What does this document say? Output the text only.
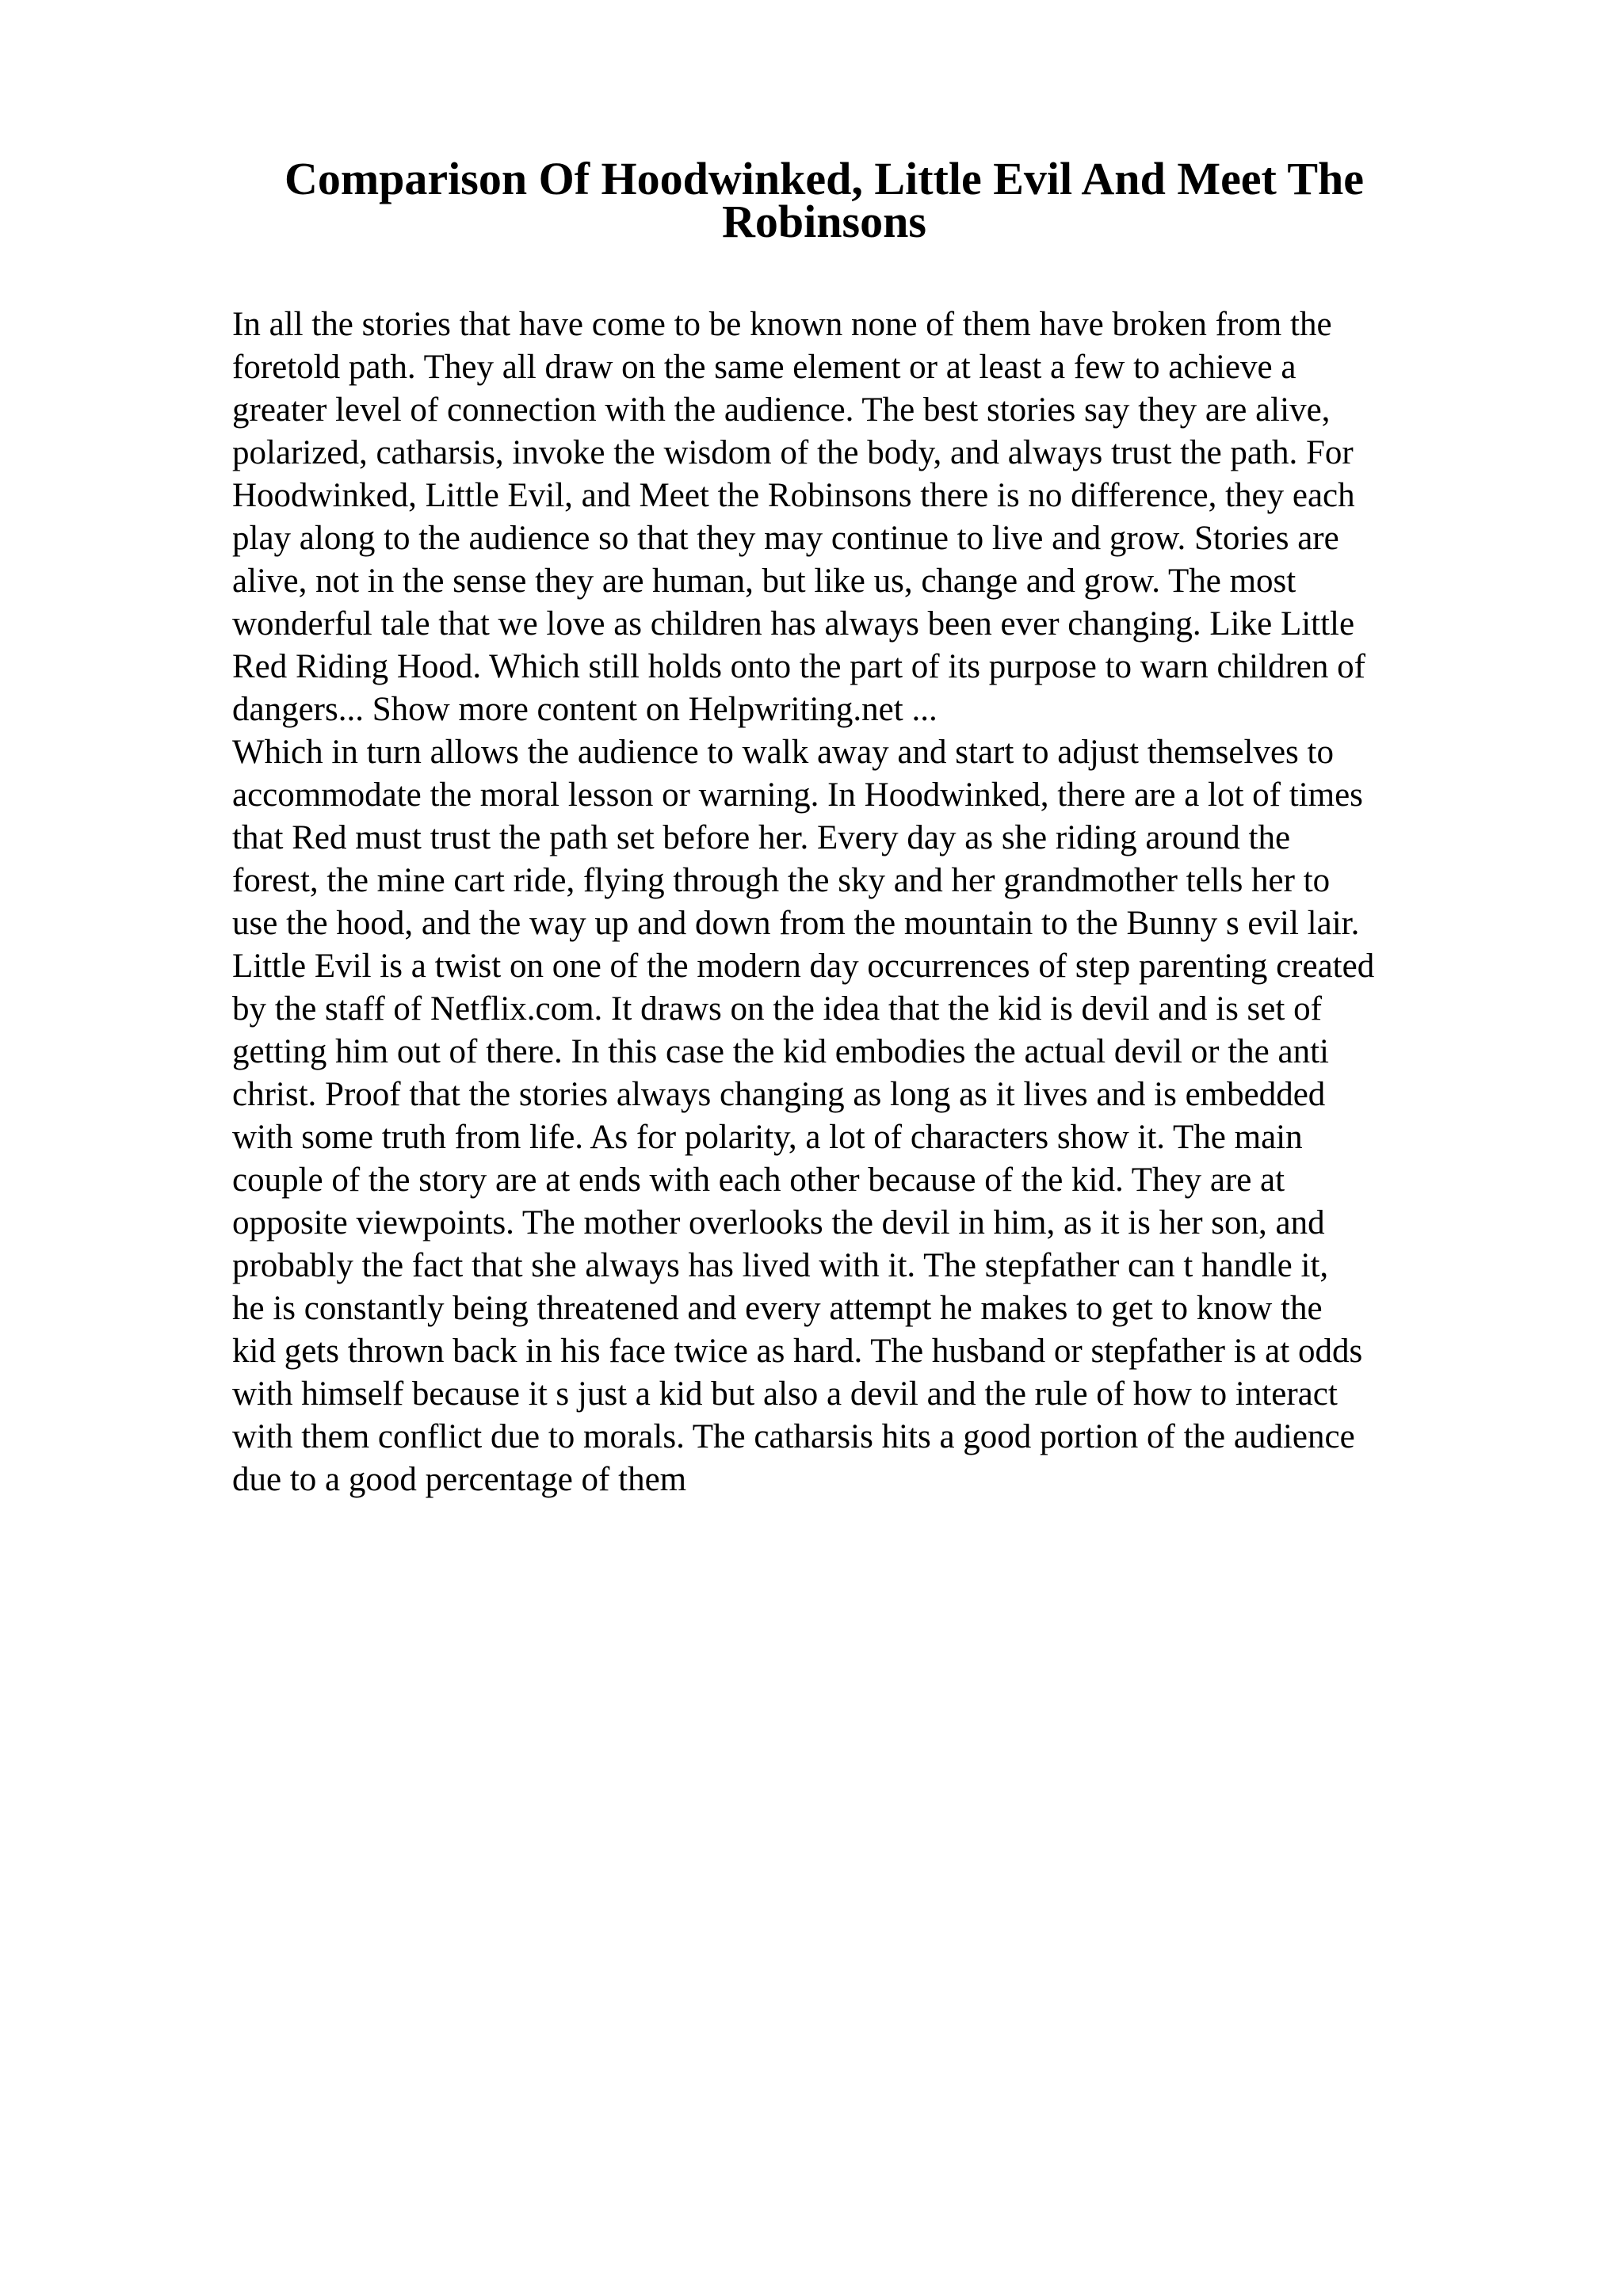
Comparison Of Hoodwinked, Little Evil And Meet The
Robinsons
In all the stories that have come to be known none of them have broken from the
foretold path. They all draw on the same element or at least a few to achieve a
greater level of connection with the audience. The best stories say they are alive,
polarized, catharsis, invoke the wisdom of the body, and always trust the path. For
Hoodwinked, Little Evil, and Meet the Robinsons there is no difference, they each
play along to the audience so that they may continue to live and grow. Stories are
alive, not in the sense they are human, but like us, change and grow. The most
wonderful tale that we love as children has always been ever changing. Like Little
Red Riding Hood. Which still holds onto the part of its purpose to warn children of
dangers... Show more content on Helpwriting.net ...
Which in turn allows the audience to walk away and start to adjust themselves to
accommodate the moral lesson or warning. In Hoodwinked, there are a lot of times
that Red must trust the path set before her. Every day as she riding around the
forest, the mine cart ride, flying through the sky and her grandmother tells her to
use the hood, and the way up and down from the mountain to the Bunny s evil lair.
Little Evil is a twist on one of the modern day occurrences of step parenting created
by the staff of Netflix.com. It draws on the idea that the kid is devil and is set of
getting him out of there. In this case the kid embodies the actual devil or the anti
christ. Proof that the stories always changing as long as it lives and is embedded
with some truth from life. As for polarity, a lot of characters show it. The main
couple of the story are at ends with each other because of the kid. They are at
opposite viewpoints. The mother overlooks the devil in him, as it is her son, and
probably the fact that she always has lived with it. The stepfather can t handle it,
he is constantly being threatened and every attempt he makes to get to know the
kid gets thrown back in his face twice as hard. The husband or stepfather is at odds
with himself because it s just a kid but also a devil and the rule of how to interact
with them conflict due to morals. The catharsis hits a good portion of the audience
due to a good percentage of them
